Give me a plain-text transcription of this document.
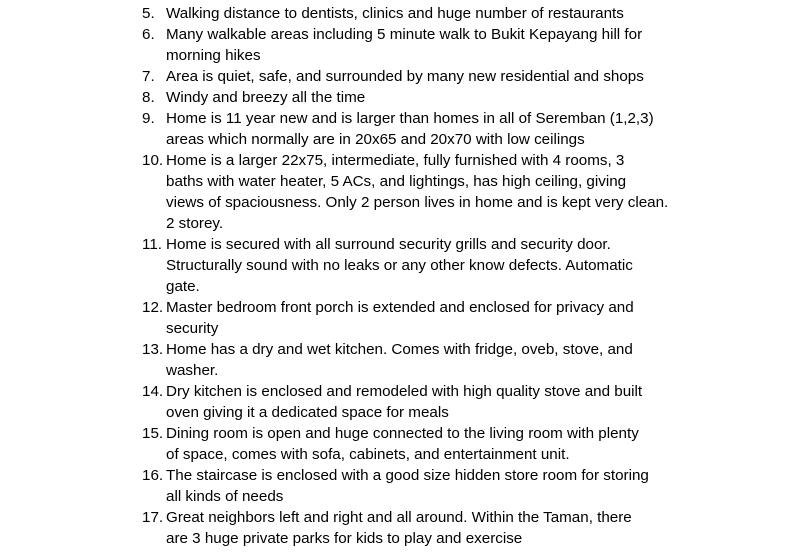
5. Walking distance to dentists, clinics and huge number of restaurants
6. Many walkable areas including 5 minute walk to Bukit Kepayang hill for
morning hikes
7. Area is quiet, safe, and surrounded by many new residential and shops
8. Windy and breezy all the time
9. Home is 11 year new and is larger than homes in all of Seremban (1,2,3)
areas which normally are in 20x65 and 20x70 with low ceilings
10. Home is a larger 22x75, intermediate, fully furnished with 4 rooms, 3
baths with water heater, 5 ACs, and lightings, has high ceiling, giving
views of spaciousness. Only 2 person lives in home and is kept very clean.
2 storey.
11. Home is secured with all surround security grills and security door.
Structurally sound with no leaks or any other know defects. Automatic
gate.
12. Master bedroom front porch is extended and enclosed for privacy and
security
13. Home has a dry and wet kitchen. Comes with fridge, oveb, stove, and
washer.
14. Dry kitchen is enclosed and remodeled with high quality stove and built
oven giving it a dedicated space for meals
15. Dining room is open and huge connected to the living room with plenty
of space, comes with sofa, cabinets, and entertainment unit.
16. The staircase is enclosed with a good size hidden store room for storing
all kinds of needs
17. Great neighbors left and right and all around. Within the Taman, there
are 3 huge private parks for kids to play and exercise
